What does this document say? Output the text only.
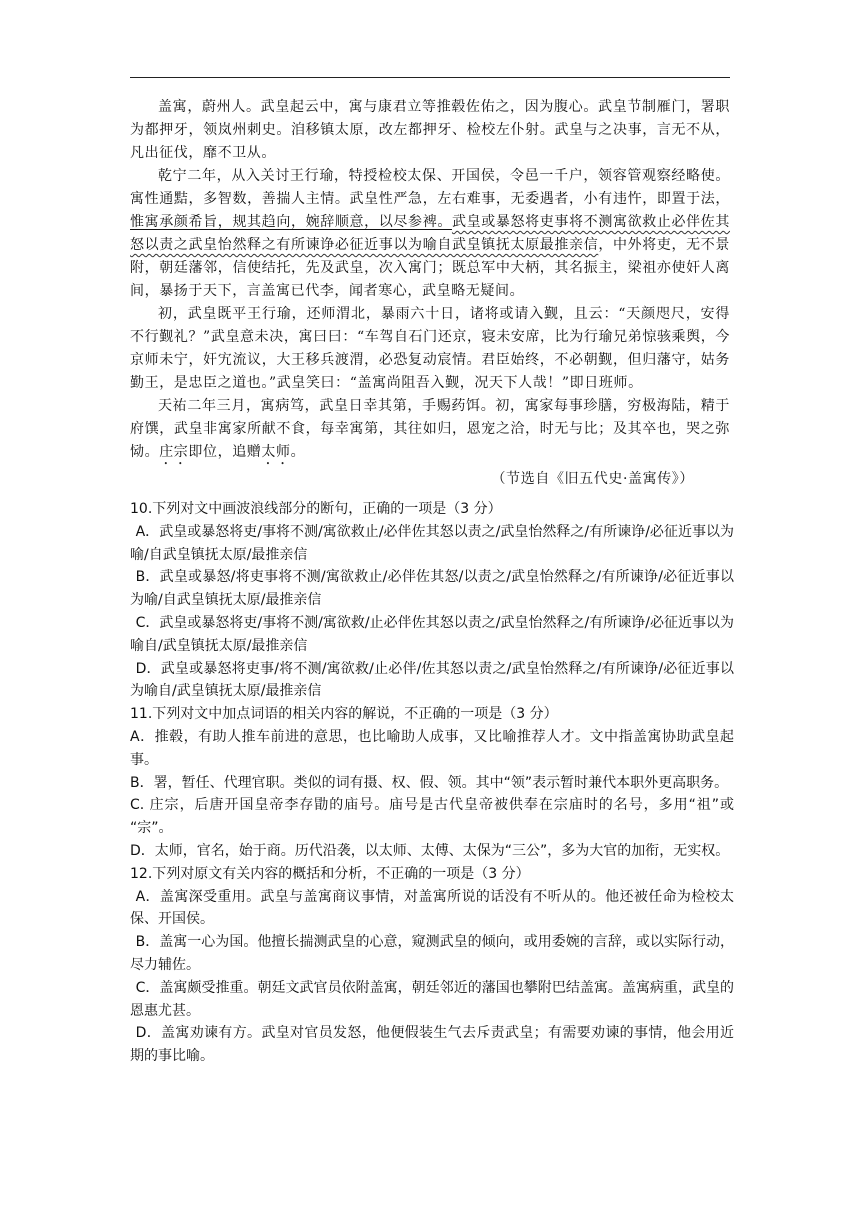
盖寓，蔚州人。武皇起云中，寓与康君立等推毂佐佑之，因为腹心。武皇节制雁门，署职为都押牙，领岚州刺史。洎移镇太原，改左都押牙、检校左仆射。武皇与之决事，言无不从，凡出征伐，靡不卫从。

乾宁二年，从入关讨王行瑜，特授检校太保、开国侯，令邑一千户，领容管观察经略使。寓性通黠，多智数，善揣人主情。武皇性严急，左右难事，无委遇者，小有违忤，即置于法，惟寓承颜希旨，规其趋向，婉辞顺意，以尽参裨。武皇或暴怒将吏事将不测寓欲救止必伴佐其怒以责之武皇怡然释之有所谏诤必征近事以为喻自武皇镇抚太原最推亲信，中外将吏，无不景附，朝廷藩邻，信使结托，先及武皇，次入寓门；既总军中大柄，其名振主，梁祖亦使奸人离间，暴扬于天下，言盖寓已代李，闻者寒心，武皇略无疑间。

初，武皇既平王行瑜，还师渭北，暴雨六十日，诸将或请入觐，且云：“天颜咫尺，安得不行觐礼？”武皇意未决，寓曰曰：“车驾自石门还京，寝未安席，比为行瑜兄弟惊骇乘舆，今京师未宁，奸宄流议，大王移兵渡渭，必恐复动宸情。君臣始终，不必朝觐，但归藩守，姑务勤王，是忠臣之道也。”武皇笑曰：“盖寓尚阻吾入觐，况天下人哉！”即日班师。

天祐二年三月，寓病笃，武皇日幸其第，手赐药饵。初，寓家每事珍膳，穷极海陆，精于府馔，武皇非寓家所献不食，每幸寓第，其往如归，恩宠之洽，时无与比；及其卒也，哭之弥恸。庄宗即位，追赠太师。

（节选自《旧五代史·盖寓传》）

10.下列对文中画波浪线部分的断句，正确的一项是（3 分）

A．武皇或暴怒将吏/事将不测/寓欲救止/必伴佐其怒以责之/武皇怡然释之/有所谏诤/必征近事以为喻/自武皇镇抚太原/最推亲信

B．武皇或暴怒/将吏事将不测/寓欲救止/必伴佐其怒/以责之/武皇怡然释之/有所谏诤/必征近事以为喻/自武皇镇抚太原/最推亲信

C．武皇或暴怒将吏/事将不测/寓欲救/止必伴佐其怒以责之/武皇怡然释之/有所谏诤/必征近事以为喻自/武皇镇抚太原/最推亲信

D．武皇或暴怒将吏事/将不测/寓欲救/止必伴/佐其怒以责之/武皇怡然释之/有所谏诤/必征近事以为喻自/武皇镇抚太原/最推亲信

11.下列对文中加点词语的相关内容的解说，不正确的一项是（3 分）

A．推毂，有助人推车前进的意思，也比喻助人成事，又比喻推荐人才。文中指盖寓协助武皇起事。

B．署，暂任、代理官职。类似的词有摄、权、假、领。其中“领”表示暂时兼代本职外更高职务。

C. 庄宗，后唐开国皇帝李存勖的庙号。庙号是古代皇帝被供奉在宗庙时的名号，多用“祖”或 “宗”。

D．太师，官名，始于商。历代沿袭，以太师、太傅、太保为“三公”，多为大官的加衔，无实权。

12.下列对原文有关内容的概括和分析，不正确的一项是（3 分）

A．盖寓深受重用。武皇与盖寓商议事情，对盖寓所说的话没有不听从的。他还被任命为检校太保、开国侯。

B．盖寓一心为国。他擅长揣测武皇的心意，窥测武皇的倾向，或用委婉的言辞，或以实际行动，尽力辅佐。

C．盖寓颇受推重。朝廷文武官员依附盖寓，朝廷邻近的藩国也攀附巴结盖寓。盖寓病重，武皇的恩惠尤甚。

D．盖寓劝谏有方。武皇对官员发怒，他便假装生气去斥责武皇；有需要劝谏的事情，他会用近期的事比喻。
